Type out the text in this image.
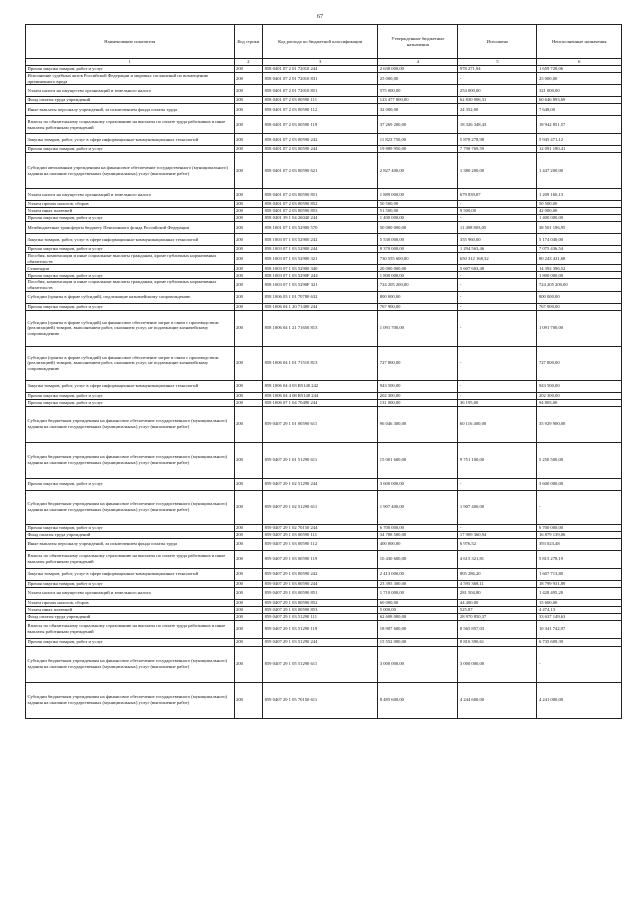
67
Наименование показателя	Код строки	Код расхода по бюджетной классификации	Утвержденные бюджетные назначения	Исполнено	Неисполненные назначения
1	2	3	4	5	6
Прочая закупка товаров, работ и услуг	200	858 0401 07 2 01 72010 244	2 638 000,00	978 271,94	1 659 728,06
Исполнение судебных актов Российской Федерации и мировых соглашений по возмещению причиненного вреда	200	858 0401 07 2 01 72010 831	25 000,00	-	25 000,00
Уплата налога на имущество организаций и земельного налога	200	858 0401 07 2 01 72010 851	575 000,00	254 000,00	321 000,00
Фонд оплаты труда учреждений	200	858 0401 07 2 03 00590 111	123 477 800,00	62 830 906,31	60 646 893,69
Иные выплаты персоналу учреждений, за исключением фонда оплаты труда	200	858 0401 07 2 03 00590 112	32 000,00	24 352,00	7 648,00
Взносы по обязательному социальному страхованию на выплаты по оплате труда работников и иные выплаты работникам учреждений	200	858 0401 07 2 03 00590 119	37 269 200,00	18 326 348,43	18 942 851,57
Закупка товаров, работ, услуг в сфере информационно-коммуникационных технологий	200	858 0401 07 2 03 00590 242	11 823 750,00	5 878 278,98	5 945 471,12
Прочая закупка товаров, работ и услуг	200	858 0401 07 2 03 00590 244	19 889 950,00	7 798 769,59	12 091 180,41
Субсидии автономным учреждениям на финансовое обеспечение государственного (муниципального) задания на оказание государственных (муниципальных) услуг (выполнение работ)	200	858 0401 07 2 03 00590 621	2 827 400,00	1 380 200,00	1 447 200,00
Уплата налога на имущество организаций и земельного налога	200	858 0401 07 2 03 00590 851	1 889 000,00	679 839,87	1 209 160,13
Уплата прочих налогов, сборов	200	858 0401 07 2 03 00590 852	50 500,00	-	50 500,00
Уплата иных платежей	200	858 0401 07 2 03 00590 853	51 500,00	9 500,00	42 000,00
Прочая закупка товаров, работ и услуг	200	858 0401 39 1 04 26040 244	1 400 000,00	-	1 400 000,00
Межбюджетные трансферты бюджету Пенсионного фонда Российской Федерации	200	858 1001 07 1 03 52900 570	50 000 000,00	11 498 803,05	38 501 196,95
Закупка товаров, работ, услуг в сфере информационно-коммуникационных технологий	200	858 1003 07 1 03 52900 242	5 530 000,00	355 960,00	5 174 040,00
Прочая закупка товаров, работ и услуг	200	858 1003 07 1 03 52900 244	8 370 000,00	1 294 563,46	7 075 436,54
Пособия, компенсации и иные социальные выплаты гражданам, кроме публичных нормативных обязательств	200	858 1003 07 1 03 52900 321	730 555 600,00	650 312 168,32	80 243 431,68
Стипендии	200	858 1003 07 1 03 52900 340	20 000 000,00	5 607 603,48	14 392 396,52
Прочая закупка товаров, работ и услуг	200	858 1003 07 1 03 5290F 244	1 800 000,00	-	1 800 000,00
Пособия, компенсации и иные социальные выплаты гражданам, кроме публичных нормативных обязательств	200	858 1003 07 1 03 5290F 321	724 205 200,00	-	724 205 200,00
Субсидии (гранты в форме субсидий), подлежащие казначейскому сопровождению	200	858 1006 03 1 01 70780 632	800 000,00	-	800 000,00
Прочая закупка товаров, работ и услуг	200	858 1006 04 1 20 71480 244	767 900,00	-	767 900,00
Субсидии (гранты в форме субсидий) на финансовое обеспечение затрат в связи с производством (реализацией) товаров, выполнением работ, оказанием услуг, не подлежащие казначейскому сопровождению	200	858 1006 04 1 21 71650 813	1 091 700,00	-	1 091 700,00
Субсидии (гранты в форме субсидий) на финансовое обеспечение затрат в связи с производством (реализацией) товаров, выполнением работ, оказанием услуг, не подлежащие казначейскому сопровождению	200	858 1006 04 1 01 71510 813	727 800,00	-	727 800,00
Закупка товаров, работ, услуг в сфере информационно-коммуникационных технологий	200	858 1006 04 4 03 R5140 242	943 500,00	-	943 500,00
Прочая закупка товаров, работ и услуг	200	858 1006 04 4 08 R5140 244	202 300,00	-	202 300,00
Прочая закупка товаров, работ и услуг	200	858 1006 07 1 04 70490 244	131 000,00	36 195,00	94 805,00
Субсидии бюджетным учреждениям на финансовое обеспечение государственного (муниципального) задания на оказание государственных (муниципальных) услуг (выполнение работ)	200	859 0407 29 1 01 00590 611	96 046 300,00	60 116 400,00	35 929 900,00
Субсидии бюджетным учреждениям на финансовое обеспечение государственного (муниципального) задания на оказание государственных (муниципальных) услуг (выполнение работ)	200	859 0407 29 1 01 51290 611	15 001 600,00	9 751 100,00	5 250 500,00
Прочая закупка товаров, работ и услуг	200	859 0407 29 1 02 51290 244	3 600 000,00	-	3 600 000,00
Субсидии бюджетным учреждениям на финансовое обеспечение государственного (муниципального) задания на оказание государственных (муниципальных) услуг (выполнение работ)	200	859 0407 29 1 02 51290 611	1 907 400,00	1 907 400,00	-
Прочая закупка товаров, работ и услуг	200	859 0407 29 1 02 70150 244	6 700 000,00	-	6 700 000,00
Фонд оплаты труда учреждений	200	859 0407 29 1 03 00590 111	34 788 500,00	17 909 360,94	16 879 139,06
Иные выплаты персоналу учреждений, за исключением фонда оплаты труда	200	859 0407 29 1 03 00590 112	400 000,00	6 976,52	393 023,48
Взносы по обязательному социальному страхованию на выплаты по оплате труда работников и иные выплаты работникам учреждений	200	859 0407 29 1 03 00590 119	10 430 600,00	4 615 321,81	5 815 278,19
Закупка товаров, работ, услуг в сфере информационно-коммуникационных технологий	200	859 0407 29 1 03 00590 242	2 413 000,00	805 286,20	1 607 713,80
Прочая закупка товаров, работ и услуг	200	859 0407 29 1 03 00590 244	23 395 300,00	4 595 368,11	18 799 931,89
Уплата налога на имущество организаций и земельного налога	200	859 0407 29 1 03 00590 851	1 710 000,00	281 504,80	1 428 495,20
Уплата прочих налогов, сборов	200	859 0407 29 1 03 00590 852	60 000,00	44 400,00	15 600,00
Уплата иных платежей	200	859 0407 29 1 03 00590 853	5 000,00	525,87	4 474,13
Фонд оплаты труда учреждений	200	859 0407 29 1 03 51290 111	62 608 000,00	28 970 850,37	33 637 149,63
Взносы по обязательному социальному страхованию на выплаты по оплате труда работников и иные выплаты работникам учреждений	200	859 0407 29 1 03 51290 119	18 907 600,00	8 565 857,03	10 341 742,97
Прочая закупка товаров, работ и услуг	200	859 0407 29 1 03 51290 244	15 552 000,00	8 816 390,61	6 735 609,39
Субсидии бюджетным учреждениям на финансовое обеспечение государственного (муниципального) задания на оказание государственных (муниципальных) услуг (выполнение работ)	200	859 0407 29 1 05 51290 611	3 000 000,00	3 000 000,00	-
Субсидии бюджетным учреждениям на финансовое обеспечение государственного (муниципального) задания на оказание государственных (муниципальных) услуг (выполнение работ)	200	859 0407 29 1 05 70150 611	8 485 600,00	4 244 600,00	4 241 000,00
